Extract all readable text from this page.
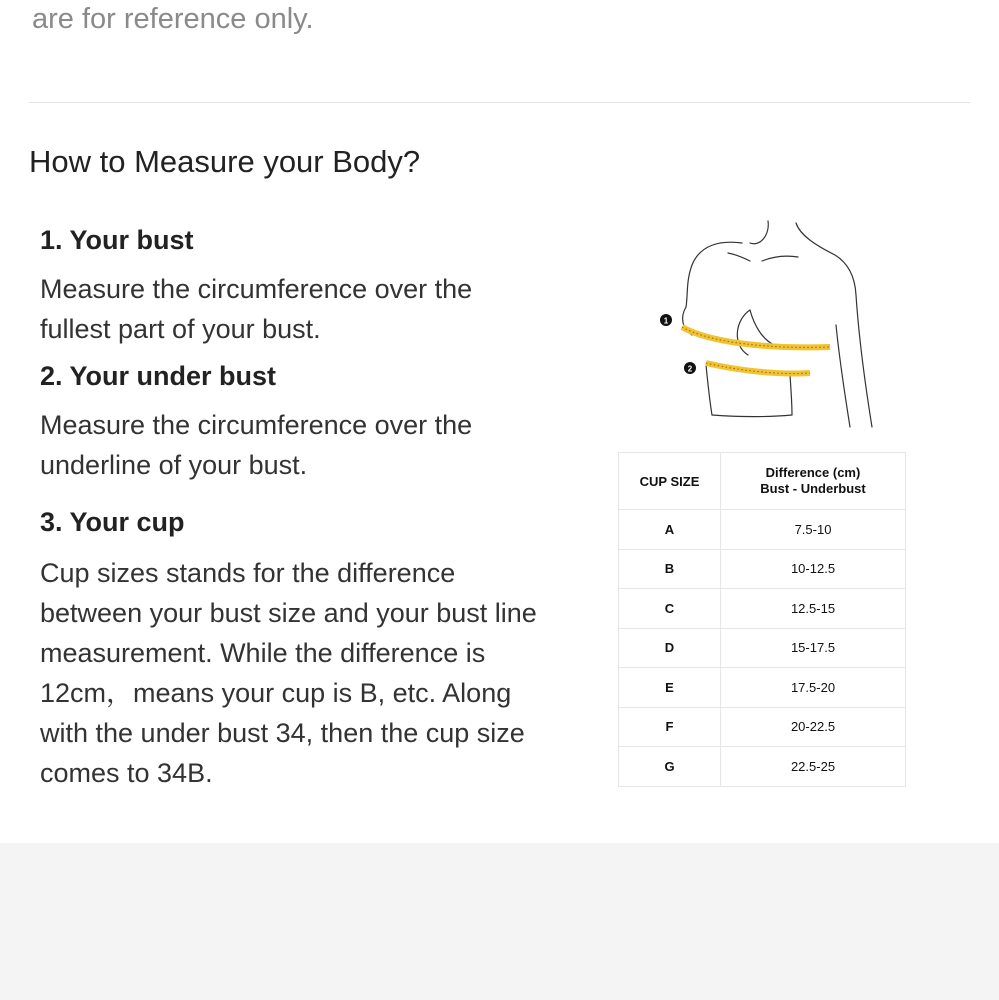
are for reference only.
How to Measure your Body?

1. Your bust

Measure the circumference over the fullest part of your bust.

2. Your under bust

Measure the circumference over the underline of your bust.

3. Your cup

Cup sizes stands for the difference between your bust size and your bust line measurement. While the difference is 12cm，means your cup is B, etc. Along with the under bust 34, then the cup size comes to 34B.

1
2
CUP SIZE	Difference (cm)
Bust - Underbust

A	7.5-10
B	10-12.5
C	12.5-15
D	15-17.5
E	17.5-20
F	20-22.5
G	22.5-25
